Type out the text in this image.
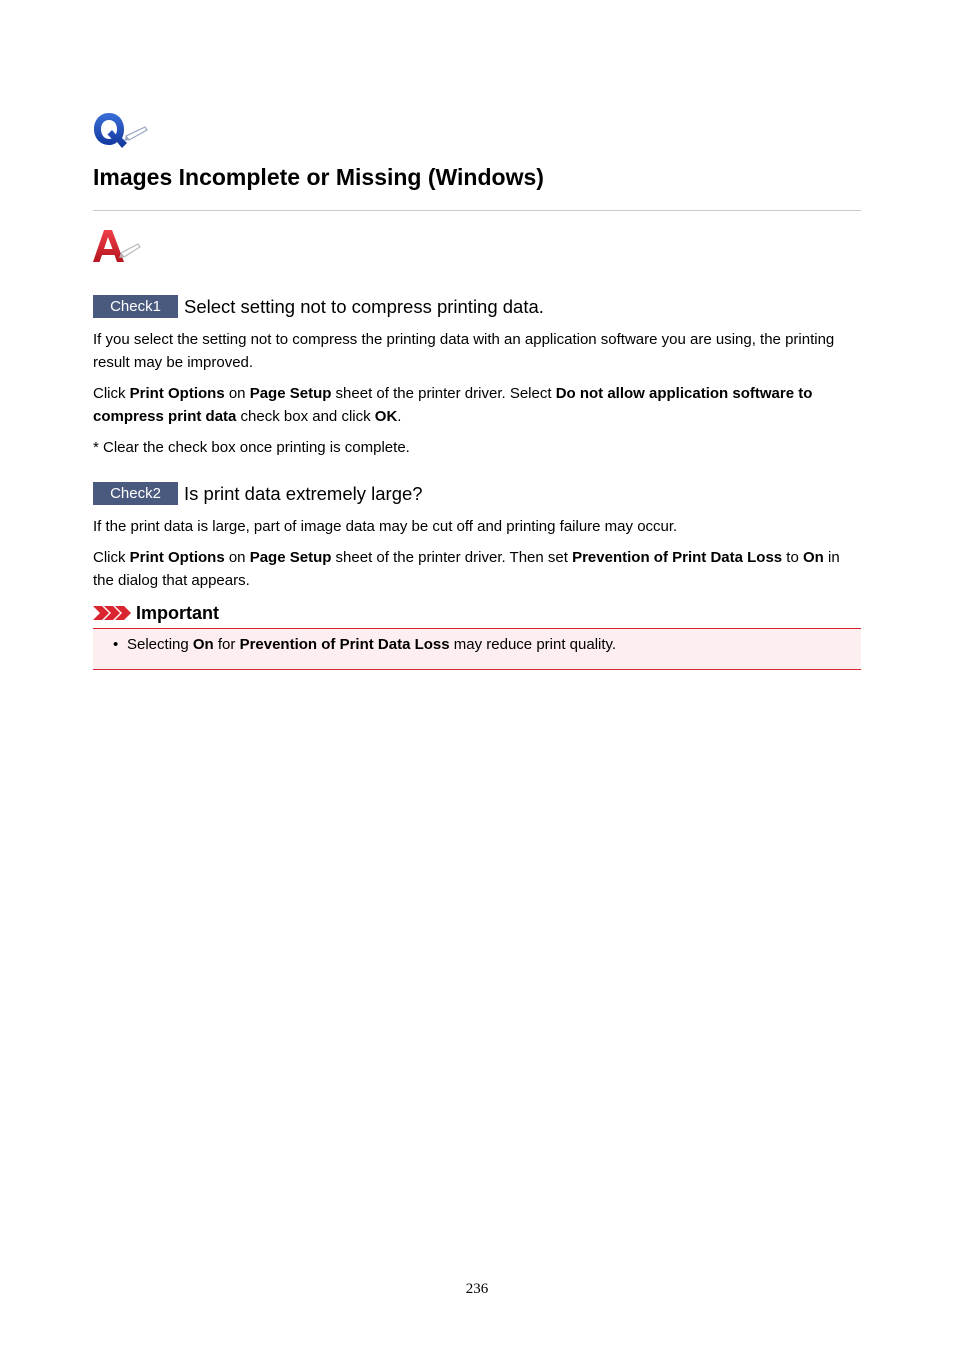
Images Incomplete or Missing (Windows)
Check1	Select setting not to compress printing data.

If you select the setting not to compress the printing data with an application software you are using, the printing result may be improved.

Click Print Options on Page Setup sheet of the printer driver. Select Do not allow application software to compress print data check box and click OK.

* Clear the check box once printing is complete.

Check2	Is print data extremely large?

If the print data is large, part of image data may be cut off and printing failure may occur.

Click Print Options on Page Setup sheet of the printer driver. Then set Prevention of Print Data Loss to On in the dialog that appears.

Important
• Selecting On for Prevention of Print Data Loss may reduce print quality.
236
